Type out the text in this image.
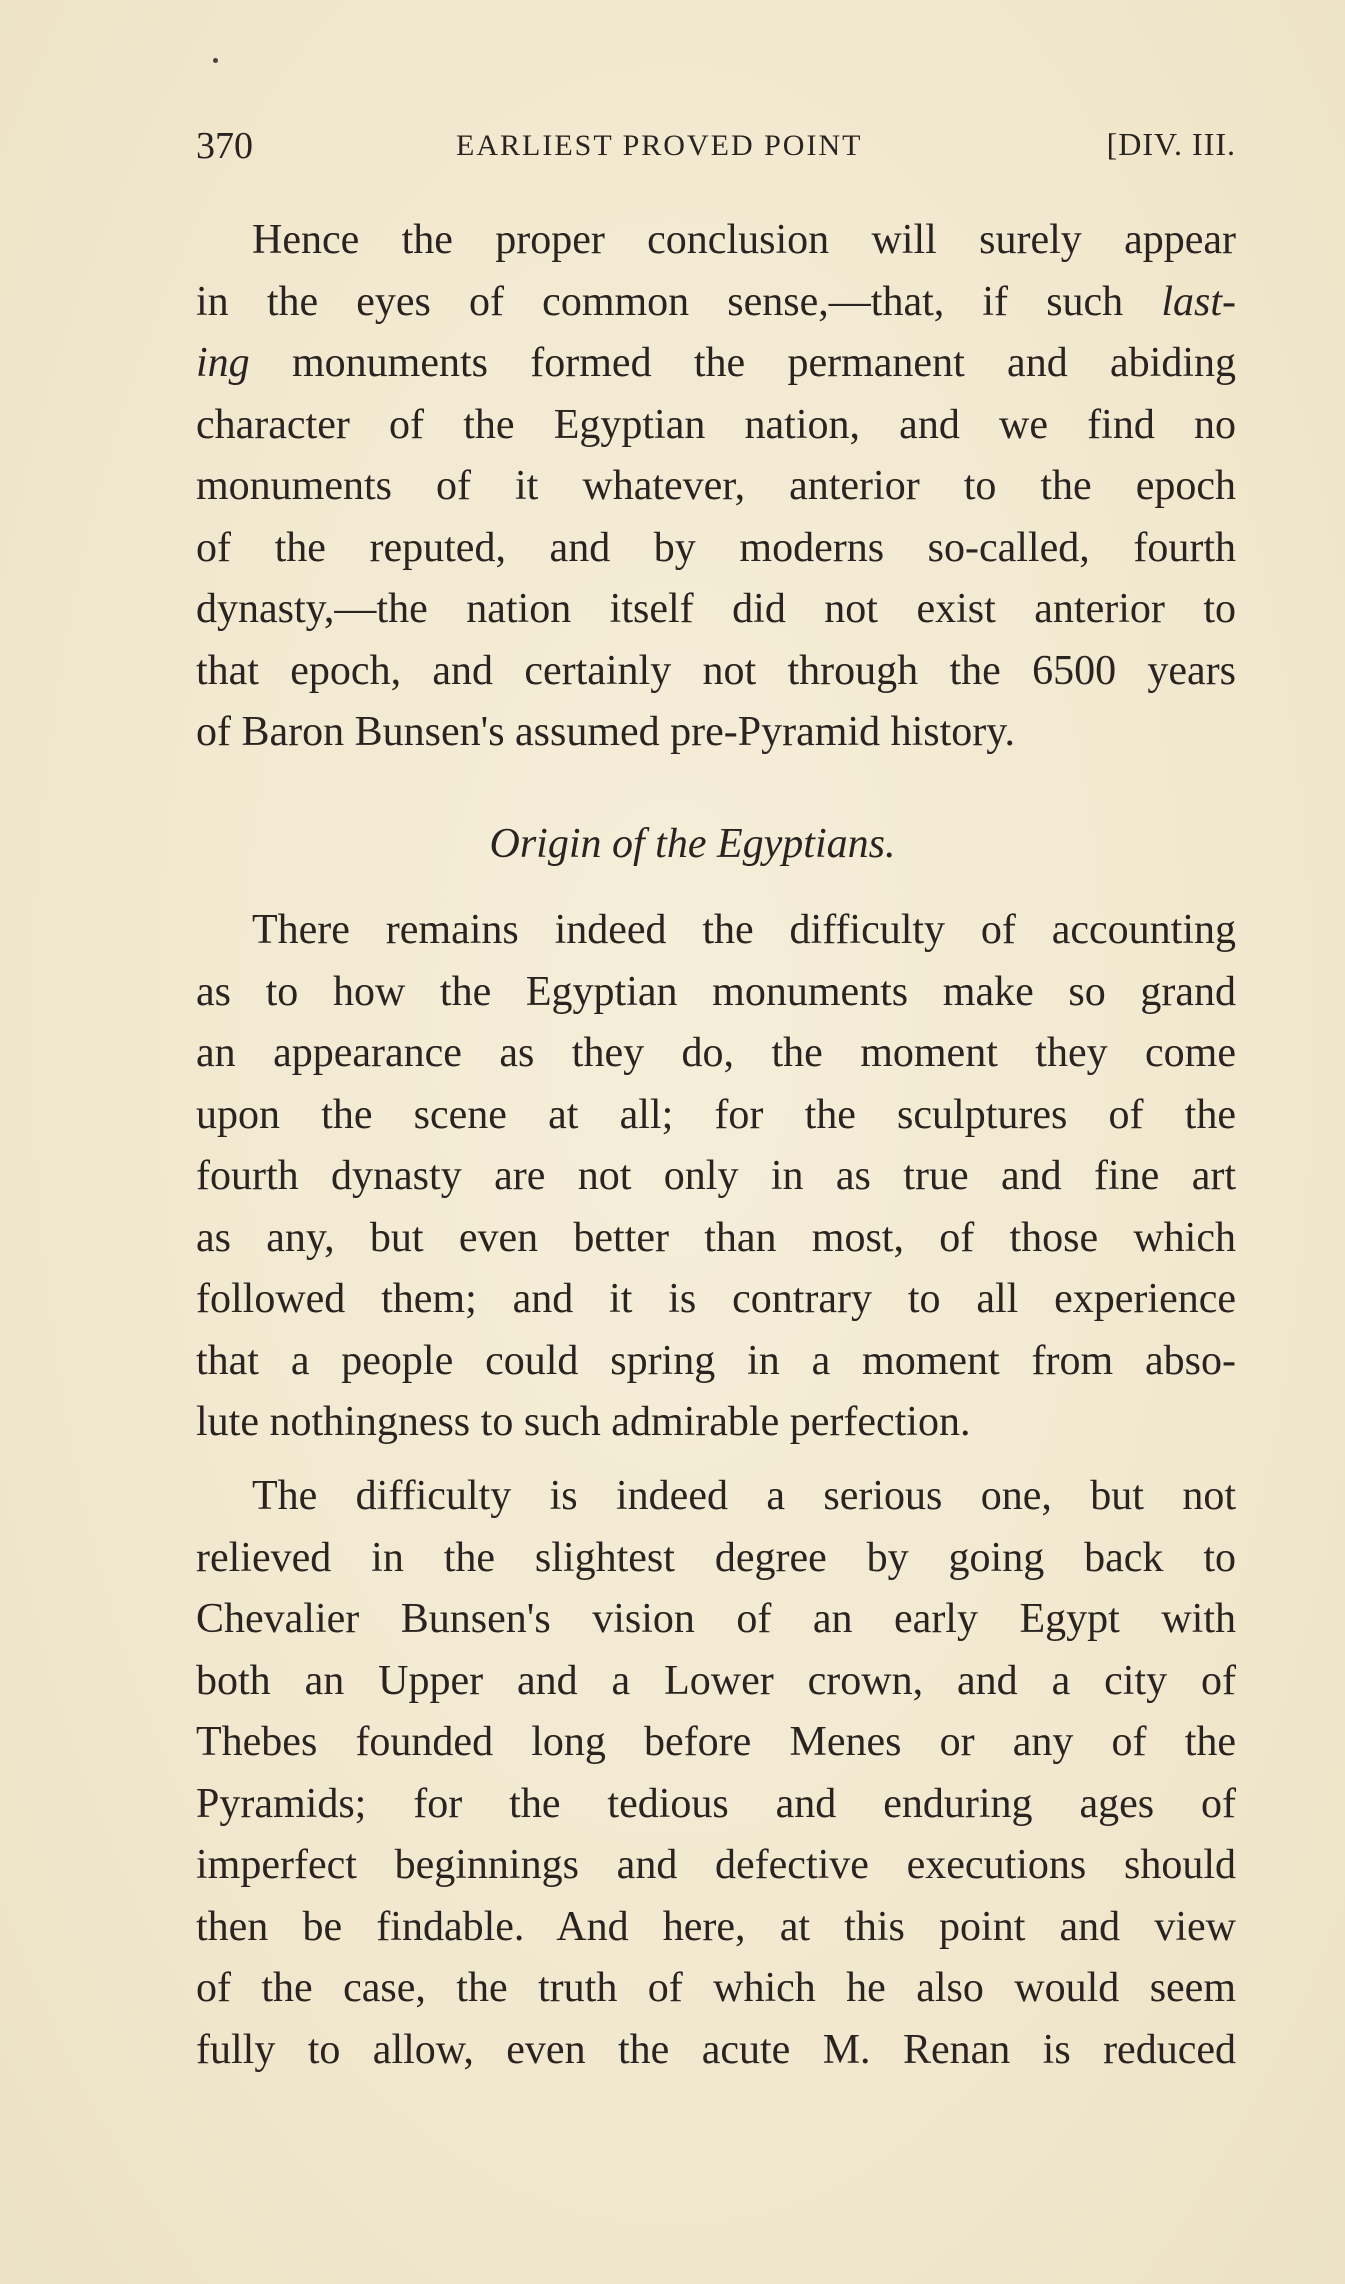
370	EARLIEST PROVED POINT	[DIV. III.
Hence the proper conclusion will surely appear
in the eyes of common sense,—that, if such last-
ing monuments formed the permanent and abiding
character of the Egyptian nation, and we find no
monuments of it whatever, anterior to the epoch
of the reputed, and by moderns so-called, fourth
dynasty,—the nation itself did not exist anterior to
that epoch, and certainly not through the 6500 years
of Baron Bunsen's assumed pre-Pyramid history.
Origin of the Egyptians.
There remains indeed the difficulty of accounting
as to how the Egyptian monuments make so grand
an appearance as they do, the moment they come
upon the scene at all; for the sculptures of the
fourth dynasty are not only in as true and fine art
as any, but even better than most, of those which
followed them; and it is contrary to all experience
that a people could spring in a moment from abso-
lute nothingness to such admirable perfection.
The difficulty is indeed a serious one, but not
relieved in the slightest degree by going back to
Chevalier Bunsen's vision of an early Egypt with
both an Upper and a Lower crown, and a city of
Thebes founded long before Menes or any of the
Pyramids; for the tedious and enduring ages of
imperfect beginnings and defective executions should
then be findable. And here, at this point and view
of the case, the truth of which he also would seem
fully to allow, even the acute M. Renan is reduced
